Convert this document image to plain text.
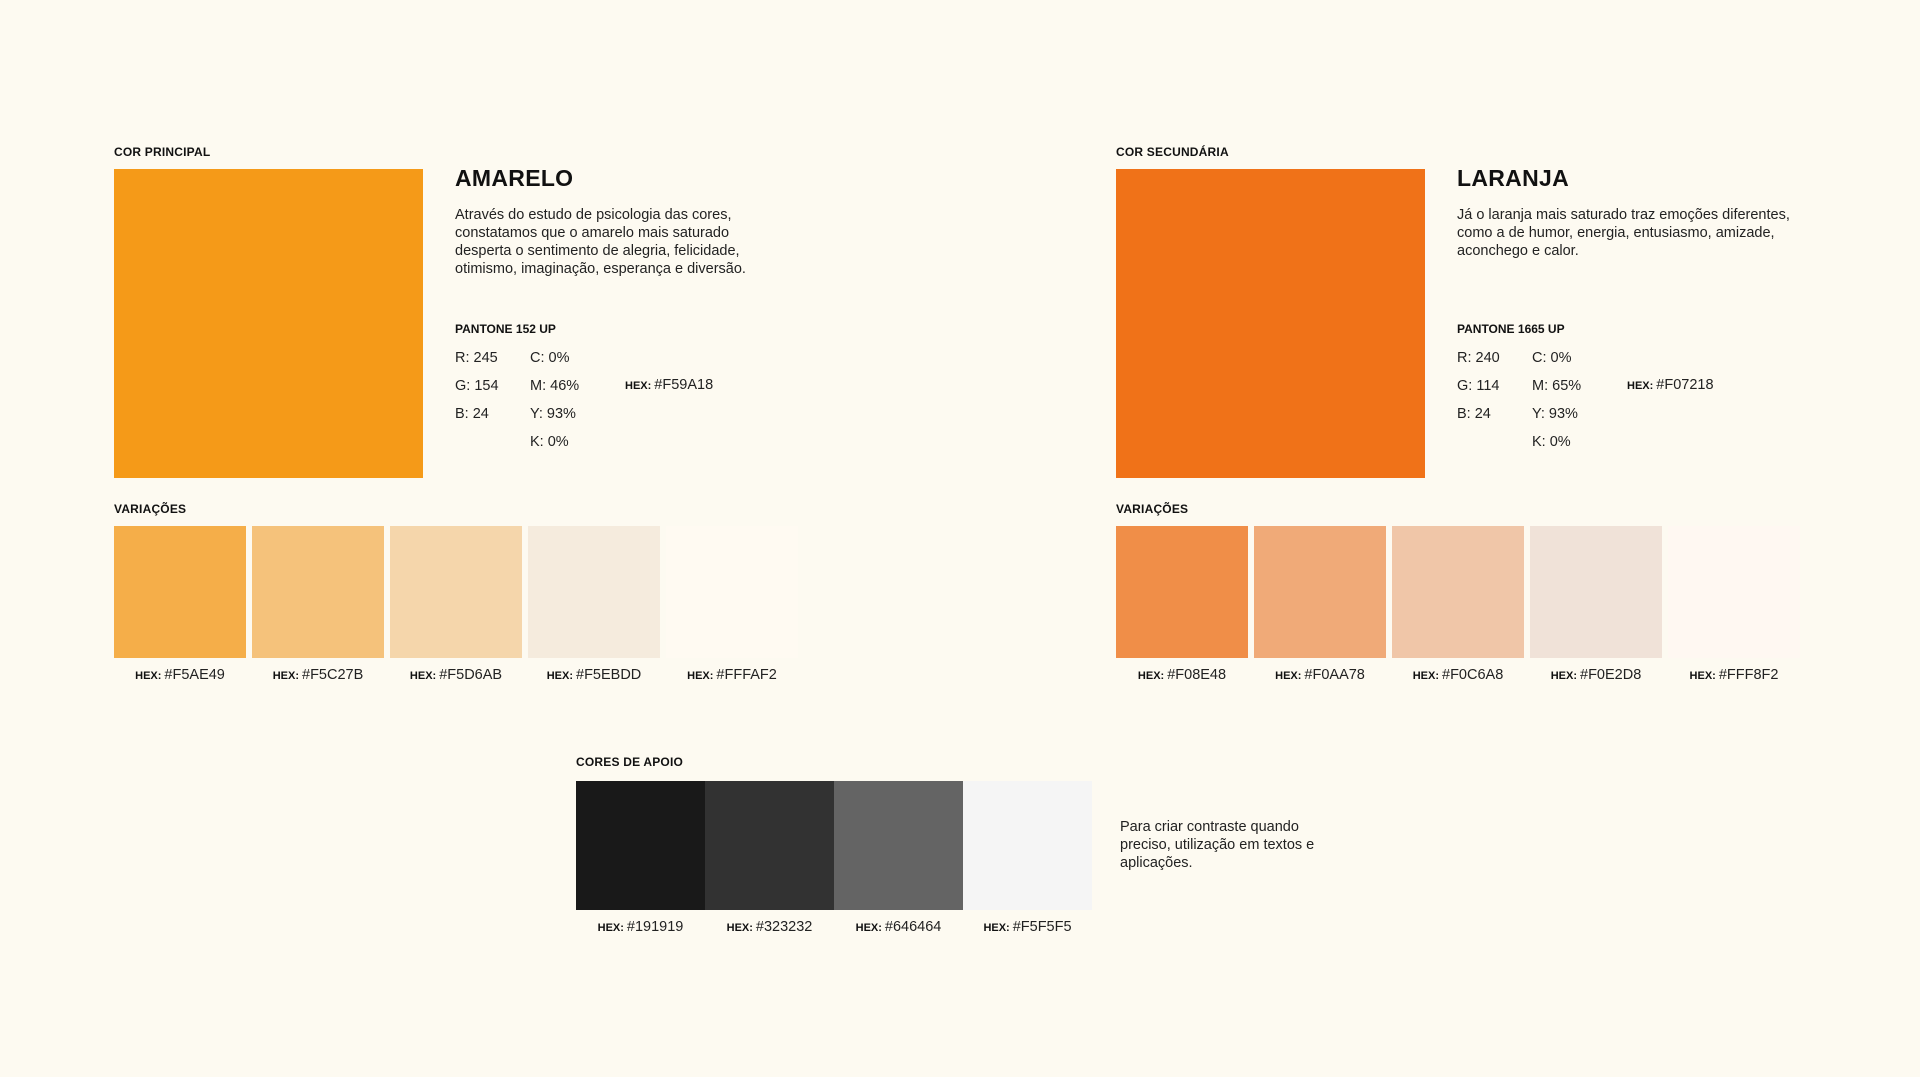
COR PRINCIPAL
AMARELO
Através do estudo de psicologia das cores,
constatamos que o amarelo mais saturado
desperta o sentimento de alegria, felicidade,
otimismo, imaginação, esperança e diversão.
PANTONE 152 UP
R: 245
G: 154
B: 24
C: 0%
M: 46%
Y: 93%
K: 0%
HEX: #F59A18
VARIAÇÕES
HEX: #F5AE49	HEX: #F5C27B	HEX: #F5D6AB	HEX: #F5EBDD	HEX: #FFFAF2
COR SECUNDÁRIA
LARANJA
Já o laranja mais saturado traz emoções diferentes,
como a de humor, energia, entusiasmo, amizade,
aconchego e calor.
PANTONE 1665 UP
R: 240
G: 114
B: 24
C: 0%
M: 65%
Y: 93%
K: 0%
HEX: #F07218
VARIAÇÕES
HEX: #F08E48	HEX: #F0AA78	HEX: #F0C6A8	HEX: #F0E2D8	HEX: #FFF8F2
CORES DE APOIO
HEX: #191919	HEX: #323232	HEX: #646464	HEX: #F5F5F5
Para criar contraste quando
preciso, utilização em textos e
aplicações.
